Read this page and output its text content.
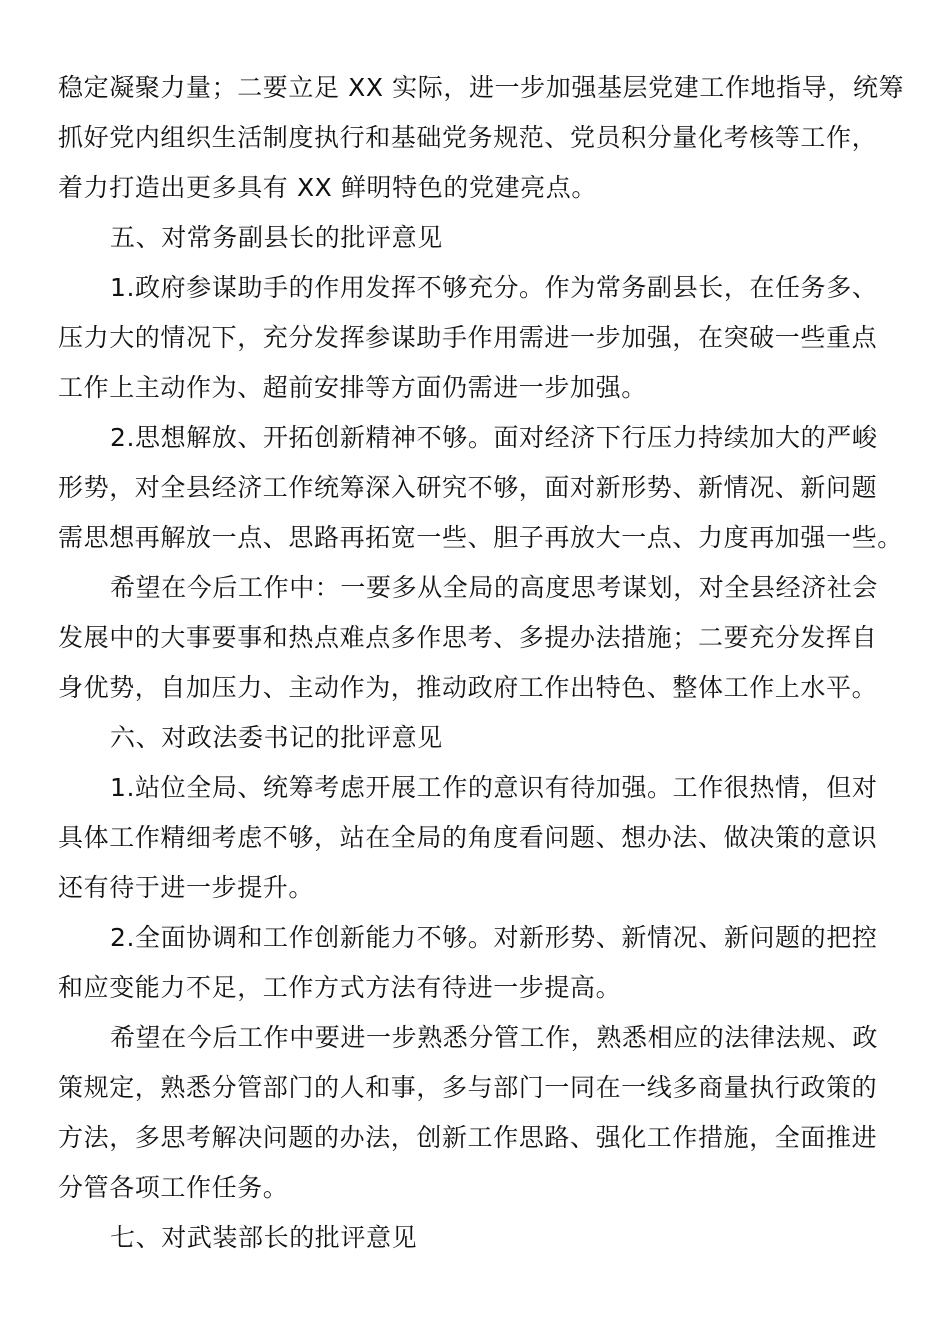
稳定凝聚力量；二要立足 XX 实际，进一步加强基层党建工作地指导，统筹
抓好党内组织生活制度执行和基础党务规范、党员积分量化考核等工作，
着力打造出更多具有 XX 鲜明特色的党建亮点。
五、对常务副县长的批评意见
1.政府参谋助手的作用发挥不够充分。作为常务副县长，在任务多、
压力大的情况下，充分发挥参谋助手作用需进一步加强，在突破一些重点
工作上主动作为、超前安排等方面仍需进一步加强。
2.思想解放、开拓创新精神不够。面对经济下行压力持续加大的严峻
形势，对全县经济工作统筹深入研究不够，面对新形势、新情况、新问题
需思想再解放一点、思路再拓宽一些、胆子再放大一点、力度再加强一些。
希望在今后工作中：一要多从全局的高度思考谋划，对全县经济社会
发展中的大事要事和热点难点多作思考、多提办法措施；二要充分发挥自
身优势，自加压力、主动作为，推动政府工作出特色、整体工作上水平。
六、对政法委书记的批评意见
1.站位全局、统筹考虑开展工作的意识有待加强。工作很热情，但对
具体工作精细考虑不够，站在全局的角度看问题、想办法、做决策的意识
还有待于进一步提升。
2.全面协调和工作创新能力不够。对新形势、新情况、新问题的把控
和应变能力不足，工作方式方法有待进一步提高。
希望在今后工作中要进一步熟悉分管工作，熟悉相应的法律法规、政
策规定，熟悉分管部门的人和事，多与部门一同在一线多商量执行政策的
方法，多思考解决问题的办法，创新工作思路、强化工作措施，全面推进
分管各项工作任务。
七、对武装部长的批评意见
